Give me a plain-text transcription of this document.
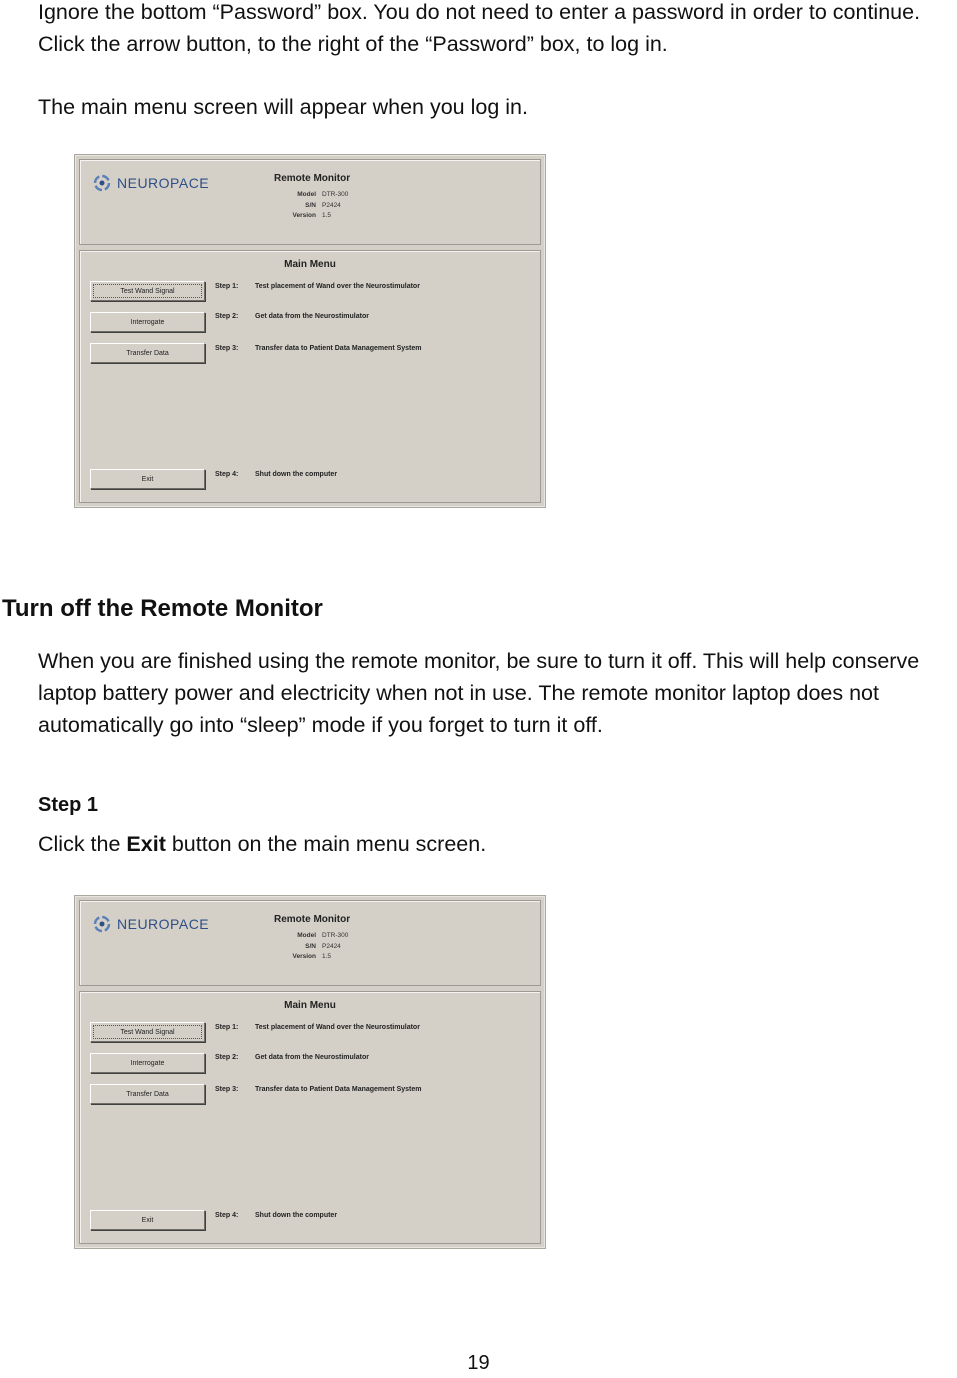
Ignore the bottom “Password” box. You do not need to enter a password in order to continue. Click the arrow button, to the right of the “Password” box, to log in.

The main menu screen will appear when you log in.

NEUROPACE	Remote Monitor
Model DTR-300
S/N P2424
Version 1.5
Main Menu
Test Wand Signal
Step 1: Test placement of Wand over the Neurostimulator
Interrogate
Step 2: Get data from the Neurostimulator
Transfer Data
Step 3: Transfer data to Patient Data Management System
Exit
Step 4: Shut down the computer
Turn off the Remote Monitor

When you are finished using the remote monitor, be sure to turn it off. This will help conserve laptop battery power and electricity when not in use. The remote monitor laptop does not automatically go into “sleep” mode if you forget to turn it off.

Step 1

Click the Exit button on the main menu screen.

NEUROPACE	Remote Monitor
Model DTR-300
S/N P2424
Version 1.5
Main Menu
Test Wand Signal
Step 1: Test placement of Wand over the Neurostimulator
Interrogate
Step 2: Get data from the Neurostimulator
Transfer Data
Step 3: Transfer data to Patient Data Management System
Exit
Step 4: Shut down the computer
19
